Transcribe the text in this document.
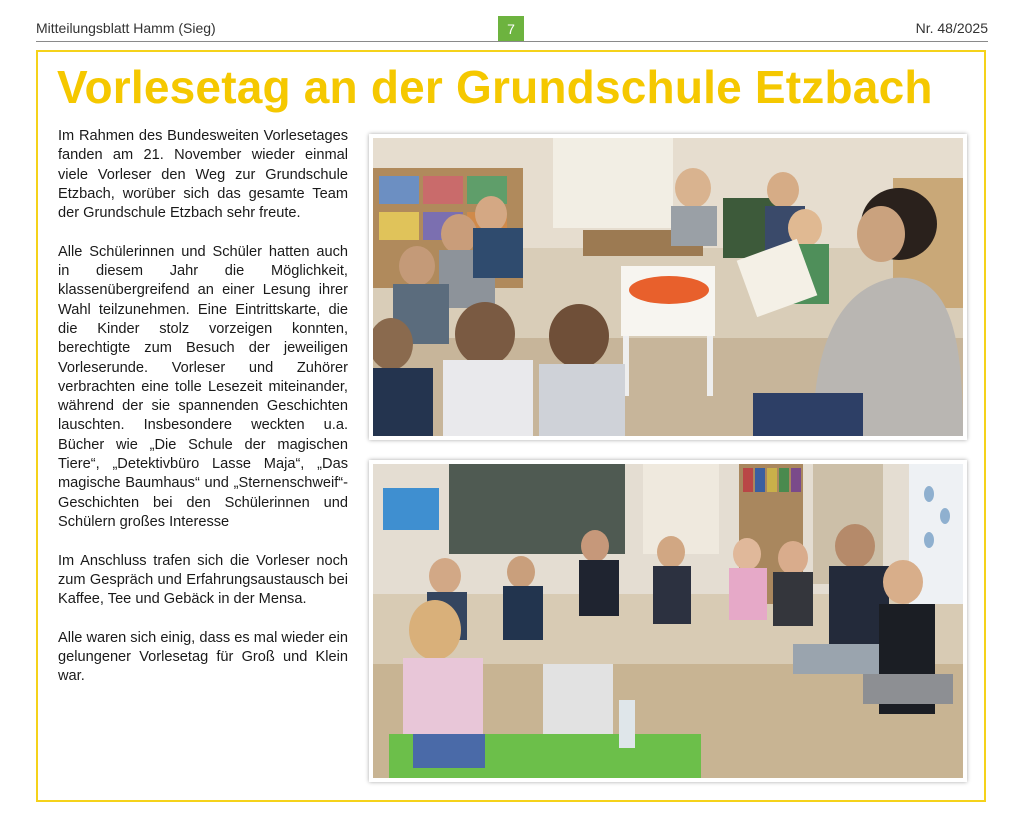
Mitteilungsblatt Hamm (Sieg)	7	Nr. 48/2025
Vorlesetag an der Grundschule Etzbach

Im Rahmen des Bundesweiten Vorlesetages fanden am 21. November wieder einmal viele Vorleser den Weg zur Grundschule Etzbach, worüber sich das gesamte Team der Grundschule Etzbach sehr freute.

Alle Schülerinnen und Schüler hatten auch in diesem Jahr die Möglichkeit, klassenübergreifend an einer Lesung ihrer Wahl teilzunehmen. Eine Eintrittskarte, die die Kinder stolz vorzeigen konnten, berechtigte zum Besuch der jeweiligen Vorleserunde. Vorleser und Zuhörer verbrachten eine tolle Lesezeit miteinander, während der sie spannenden Geschichten lauschten. Insbesondere weckten u.a. Bücher wie „Die Schule der magischen Tiere“, „Detektivbüro Lasse Maja“, „Das magische Baumhaus“ und „Sternenschweif“- Geschichten bei den Schülerinnen und Schülern großes Interesse

Im Anschluss trafen sich die Vorleser noch zum Gespräch und Erfahrungsaustausch bei Kaffee, Tee und Gebäck in der Mensa.

Alle waren sich einig, dass es mal wieder ein gelungener Vorlesetag für Groß und Klein war.
